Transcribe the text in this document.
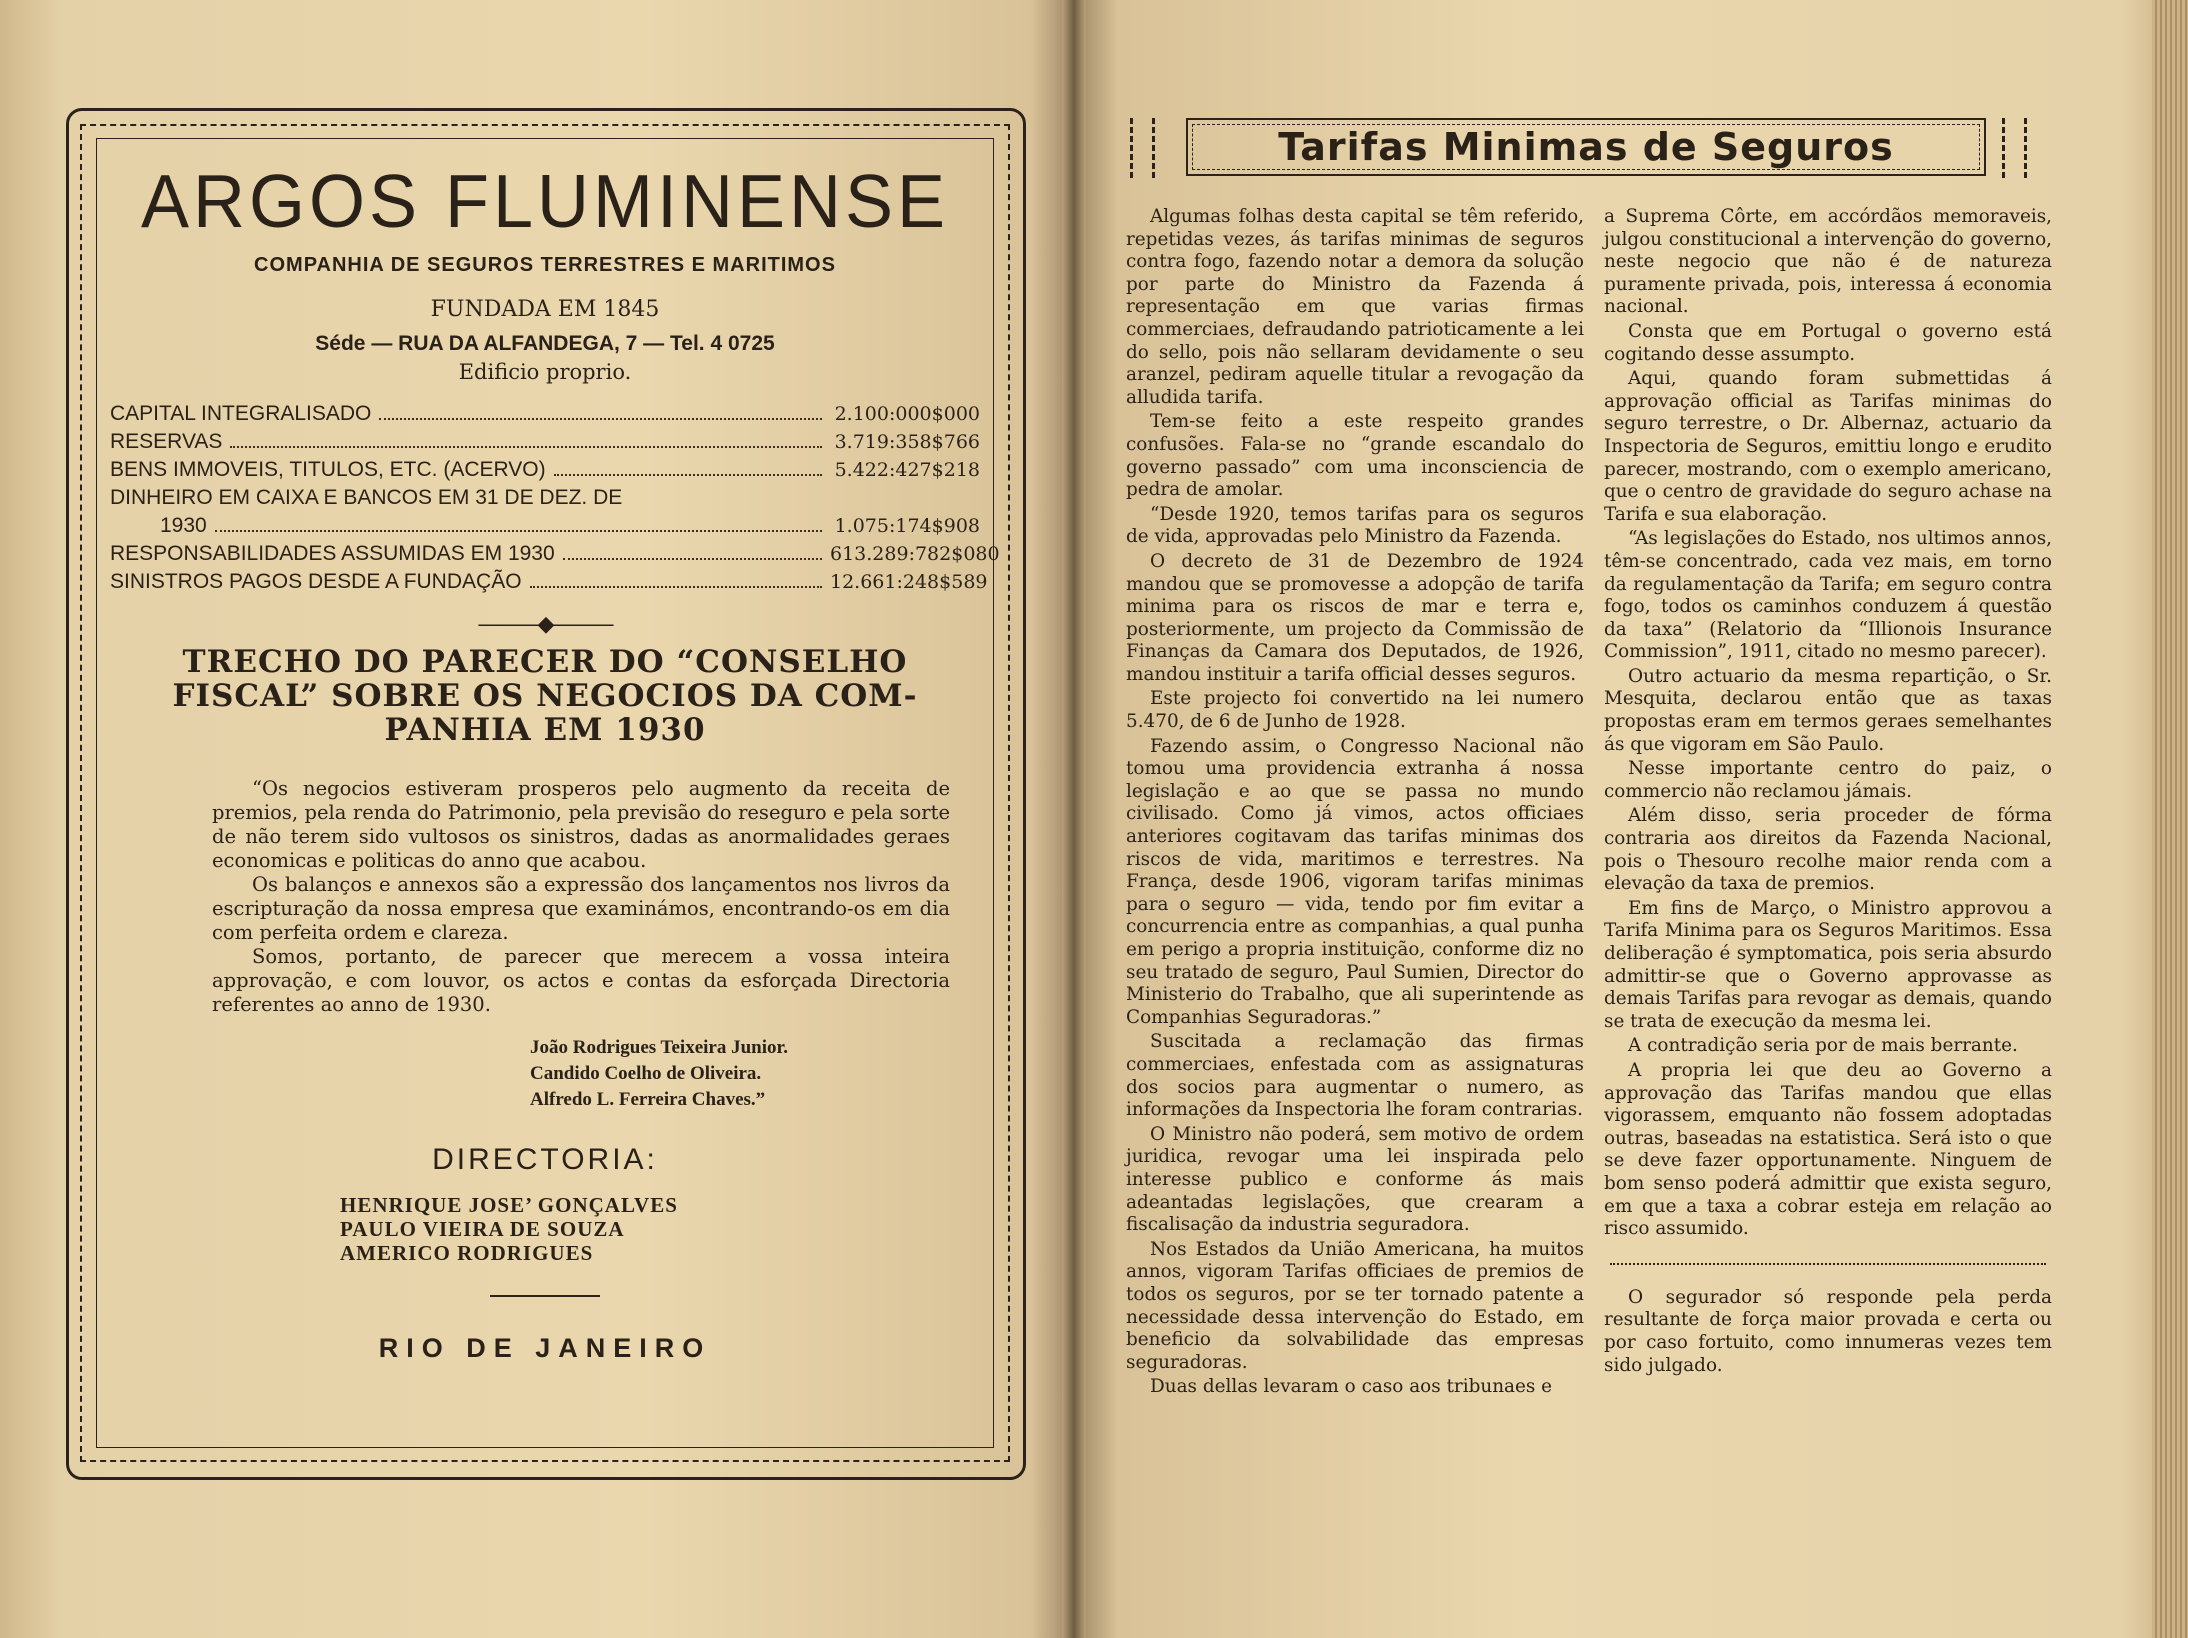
ARGOS FLUMINENSE
COMPANHIA DE SEGUROS TERRESTRES E MARITIMOS
FUNDADA EM 1845
Séde — RUA DA ALFANDEGA, 7 — Tel. 4 0725
Edificio proprio.
CAPITAL INTEGRALISADO	2.100:000$000
RESERVAS	3.719:358$766
BENS IMMOVEIS, TITULOS, ETC. (ACERVO)	5.422:427$218
DINHEIRO EM CAIXA E BANCOS EM 31 DE DEZ. DE
1930	1.075:174$908
RESPONSABILIDADES ASSUMIDAS EM 1930	613.289:782$080
SINISTROS PAGOS DESDE A FUNDAÇÃO	12.661:248$589
———◆———
TRECHO DO PARECER DO “CONSELHO
FISCAL” SOBRE OS NEGOCIOS DA COM-
PANHIA EM 1930

“Os negocios estiveram prosperos pelo augmento da receita de premios, pela renda do Patrimonio, pela previsão do reseguro e pela sorte de não terem sido vultosos os sinistros, dadas as anormalidades geraes economicas e politicas do anno que acabou.

Os balanços e annexos são a expressão dos lançamentos nos livros da escripturação da nossa empresa que examinámos, encontrando-os em dia com perfeita ordem e clareza.

Somos, portanto, de parecer que merecem a vossa inteira approvação, e com louvor, os actos e contas da esforçada Directoria referentes ao anno de 1930.

João Rodrigues Teixeira Junior.
Candido Coelho de Oliveira.
Alfredo L. Ferreira Chaves.”
DIRECTORIA:
HENRIQUE JOSE’ GONÇALVES
PAULO VIEIRA DE SOUZA
AMERICO RODRIGUES
RIO DE JANEIRO
Tarifas Minimas de Seguros

Algumas folhas desta capital se têm referido, repetidas vezes, ás tarifas minimas de seguros contra fogo, fazendo notar a demora da solução por parte do Ministro da Fazenda á representação em que varias firmas commerciaes, defraudando patrioticamente a lei do sello, pois não sellaram devidamente o seu aranzel, pediram aquelle titular a revogação da alludida tarifa.

Tem-se feito a este respeito grandes confusões. Fala-se no “grande escandalo do governo passado” com uma inconsciencia de pedra de amolar.

“Desde 1920, temos tarifas para os seguros de vida, approvadas pelo Ministro da Fazenda.

O decreto de 31 de Dezembro de 1924 mandou que se promovesse a adopção de tarifa minima para os riscos de mar e terra e, posteriormente, um projecto da Commissão de Finanças da Camara dos Deputados, de 1926, mandou instituir a tarifa official desses seguros.

Este projecto foi convertido na lei numero 5.470, de 6 de Junho de 1928.

Fazendo assim, o Congresso Nacional não tomou uma providencia extranha á nossa legislação e ao que se passa no mundo civilisado. Como já vimos, actos officiaes anteriores cogitavam das tarifas minimas dos riscos de vida, maritimos e terrestres. Na França, desde 1906, vigoram tarifas minimas para o seguro — vida, tendo por fim evitar a concurrencia entre as companhias, a qual punha em perigo a propria instituição, conforme diz no seu tratado de seguro, Paul Sumien, Director do Ministerio do Trabalho, que ali superintende as Companhias Seguradoras.”

Suscitada a reclamação das firmas commerciaes, enfestada com as assignaturas dos socios para augmentar o numero, as informações da Inspectoria lhe foram contrarias.

O Ministro não poderá, sem motivo de ordem juridica, revogar uma lei inspirada pelo interesse publico e conforme ás mais adeantadas legislações, que crearam a fiscalisação da industria seguradora.

Nos Estados da União Americana, ha muitos annos, vigoram Tarifas officiaes de premios de todos os seguros, por se ter tornado patente a necessidade dessa intervenção do Estado, em beneficio da solvabilidade das empresas seguradoras.

Duas dellas levaram o caso aos tribunaes e

a Suprema Côrte, em accórdãos memoraveis, julgou constitucional a intervenção do governo, neste negocio que não é de natureza puramente privada, pois, interessa á economia nacional.

Consta que em Portugal o governo está cogitando desse assumpto.

Aqui, quando foram submettidas á approvação official as Tarifas minimas do seguro terrestre, o Dr. Albernaz, actuario da Inspectoria de Seguros, emittiu longo e erudito parecer, mostrando, com o exemplo americano, que o centro de gravidade do seguro achase na Tarifa e sua elaboração.

“As legislações do Estado, nos ultimos annos, têm-se concentrado, cada vez mais, em torno da regulamentação da Tarifa; em seguro contra fogo, todos os caminhos conduzem á questão da taxa” (Relatorio da “Illionois Insurance Commission”, 1911, citado no mesmo parecer).

Outro actuario da mesma repartição, o Sr. Mesquita, declarou então que as taxas propostas eram em termos geraes semelhantes ás que vigoram em São Paulo.

Nesse importante centro do paiz, o commercio não reclamou jámais.

Além disso, seria proceder de fórma contraria aos direitos da Fazenda Nacional, pois o Thesouro recolhe maior renda com a elevação da taxa de premios.

Em fins de Março, o Ministro approvou a Tarifa Minima para os Seguros Maritimos. Essa deliberação é symptomatica, pois seria absurdo admittir-se que o Governo approvasse as demais Tarifas para revogar as demais, quando se trata de execução da mesma lei.

A contradição seria por de mais berrante.

A propria lei que deu ao Governo a approvação das Tarifas mandou que ellas vigorassem, emquanto não fossem adoptadas outras, baseadas na estatistica. Será isto o que se deve fazer opportunamente. Ninguem de bom senso poderá admittir que exista seguro, em que a taxa a cobrar esteja em relação ao risco assumido.

O segurador só responde pela perda resultante de força maior provada e certa ou por caso fortuito, como innumeras vezes tem sido julgado.
